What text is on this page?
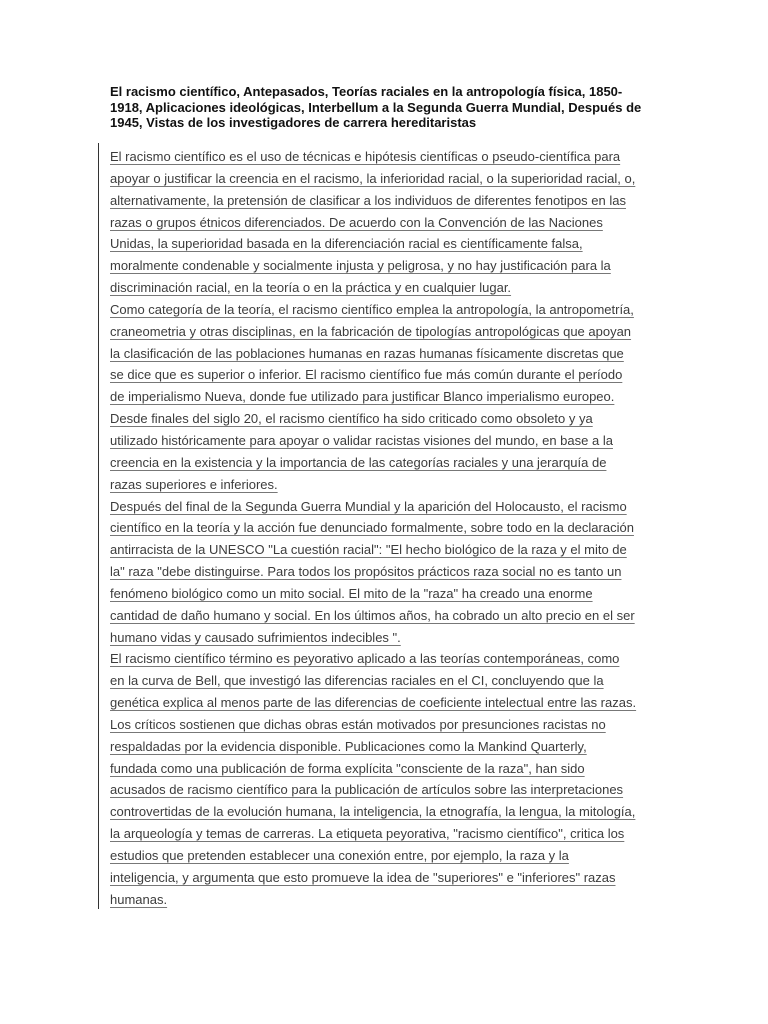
El racismo científico, Antepasados, Teorías raciales en la antropología física, 1850-1918, Aplicaciones ideológicas, Interbellum a la Segunda Guerra Mundial, Después de 1945, Vistas de los investigadores de carrera hereditaristas

El racismo científico es el uso de técnicas e hipótesis científicas o pseudo-científica para
apoyar o justificar la creencia en el racismo, la inferioridad racial, o la superioridad racial, o,
alternativamente, la pretensión de clasificar a los individuos de diferentes fenotipos en las
razas o grupos étnicos diferenciados. De acuerdo con la Convención de las Naciones
Unidas, la superioridad basada en la diferenciación racial es científicamente falsa,
moralmente condenable y socialmente injusta y peligrosa, y no hay justificación para la
discriminación racial, en la teoría o en la práctica y en cualquier lugar.

Como categoría de la teoría, el racismo científico emplea la antropología, la antropometría,
craneometria y otras disciplinas, en la fabricación de tipologías antropológicas que apoyan
la clasificación de las poblaciones humanas en razas humanas físicamente discretas que
se dice que es superior o inferior. El racismo científico fue más común durante el período
de imperialismo Nueva, donde fue utilizado para justificar Blanco imperialismo europeo.
Desde finales del siglo 20, el racismo científico ha sido criticado como obsoleto y ya
utilizado históricamente para apoyar o validar racistas visiones del mundo, en base a la
creencia en la existencia y la importancia de las categorías raciales y una jerarquía de
razas superiores e inferiores.

Después del final de la Segunda Guerra Mundial y la aparición del Holocausto, el racismo
científico en la teoría y la acción fue denunciado formalmente, sobre todo en la declaración
antirracista de la UNESCO "La cuestión racial": "El hecho biológico de la raza y el mito de
la" raza "debe distinguirse. Para todos los propósitos prácticos raza social no es tanto un
fenómeno biológico como un mito social. El mito de la "raza" ha creado una enorme
cantidad de daño humano y social. En los últimos años, ha cobrado un alto precio en el ser
humano vidas y causado sufrimientos indecibles ".

El racismo científico término es peyorativo aplicado a las teorías contemporáneas, como
en la curva de Bell, que investigó las diferencias raciales en el CI, concluyendo que la
genética explica al menos parte de las diferencias de coeficiente intelectual entre las razas.
Los críticos sostienen que dichas obras están motivados por presunciones racistas no
respaldadas por la evidencia disponible. Publicaciones como la Mankind Quarterly,
fundada como una publicación de forma explícita "consciente de la raza", han sido
acusados de racismo científico para la publicación de artículos sobre las interpretaciones
controvertidas de la evolución humana, la inteligencia, la etnografía, la lengua, la mitología,
la arqueología y temas de carreras. La etiqueta peyorativa, "racismo científico", critica los
estudios que pretenden establecer una conexión entre, por ejemplo, la raza y la
inteligencia, y argumenta que esto promueve la idea de "superiores" e "inferiores" razas
humanas.
